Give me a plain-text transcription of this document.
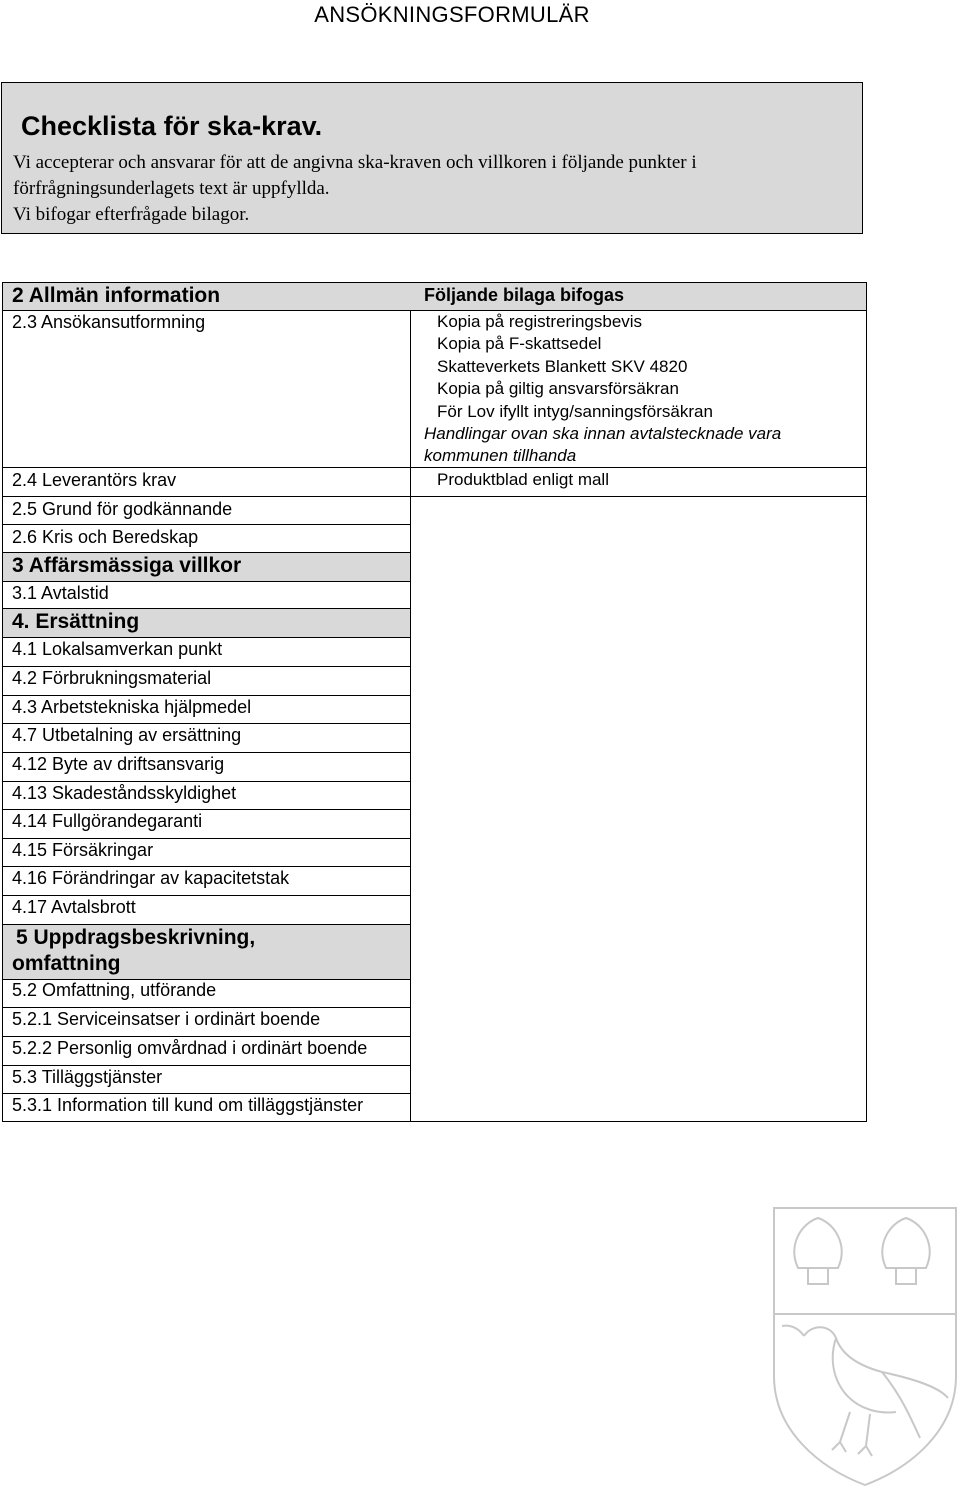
ANSÖKNINGSFORMULÄR
Checklista för ska-krav.
Vi accepterar och ansvarar för att de angivna ska-kraven och villkoren i följande punkter i
förfrågningsunderlagets text är uppfyllda.
Vi bifogar efterfrågade bilagor.
2 Allmän information	Följande bilaga bifogas
2.3 Ansökansutformning	Kopia på registreringsbevis
Kopia på F-skattsedel
Skatteverkets Blankett SKV 4820
Kopia på giltig ansvarsförsäkran
För Lov ifyllt intyg/sanningsförsäkran
Handlingar ovan ska innan avtalstecknade vara
kommunen tillhanda
2.4 Leverantörs krav	Produktblad enligt mall
2.5 Grund för godkännande
2.6 Kris och Beredskap
3 Affärsmässiga villkor
3.1 Avtalstid
4. Ersättning
4.1 Lokalsamverkan punkt
4.2 Förbrukningsmaterial
4.3 Arbetstekniska hjälpmedel
4.7 Utbetalning av ersättning
4.12 Byte av driftsansvarig
4.13 Skadeståndsskyldighet
4.14 Fullgörandegaranti
4.15 Försäkringar
4.16 Förändringar av kapacitetstak
4.17 Avtalsbrott
5 Uppdragsbeskrivning,
omfattning
5.2 Omfattning, utförande
5.2.1 Serviceinsatser i ordinärt boende
5.2.2 Personlig omvårdnad i ordinärt boende
5.3 Tilläggstjänster
5.3.1 Information till kund om tilläggstjänster
